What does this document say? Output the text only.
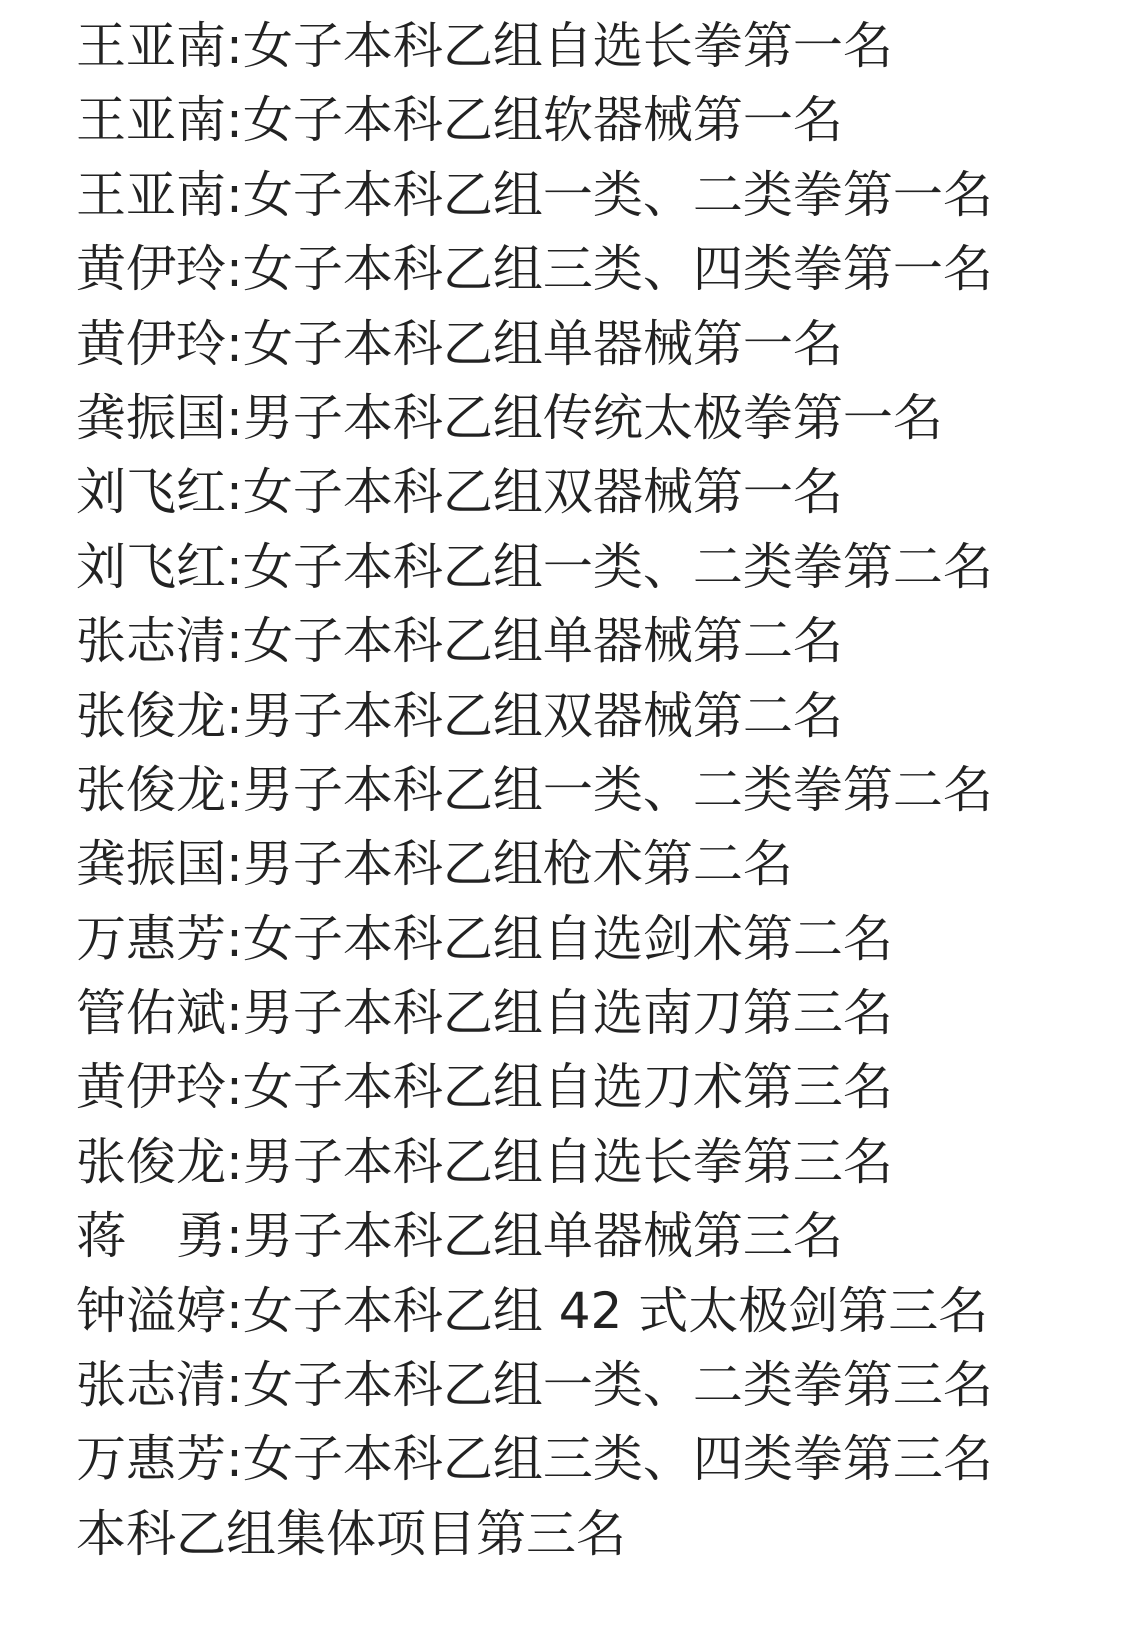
王亚南:女子本科乙组自选长拳第一名
王亚南:女子本科乙组软器械第一名
王亚南:女子本科乙组一类、二类拳第一名
黄伊玲:女子本科乙组三类、四类拳第一名
黄伊玲:女子本科乙组单器械第一名
龚振国:男子本科乙组传统太极拳第一名
刘飞红:女子本科乙组双器械第一名
刘飞红:女子本科乙组一类、二类拳第二名
张志清:女子本科乙组单器械第二名
张俊龙:男子本科乙组双器械第二名
张俊龙:男子本科乙组一类、二类拳第二名
龚振国:男子本科乙组枪术第二名
万惠芳:女子本科乙组自选剑术第二名
管佑斌:男子本科乙组自选南刀第三名
黄伊玲:女子本科乙组自选刀术第三名
张俊龙:男子本科乙组自选长拳第三名
蒋　勇:男子本科乙组单器械第三名
钟溢婷:女子本科乙组 42 式太极剑第三名
张志清:女子本科乙组一类、二类拳第三名
万惠芳:女子本科乙组三类、四类拳第三名
本科乙组集体项目第三名
